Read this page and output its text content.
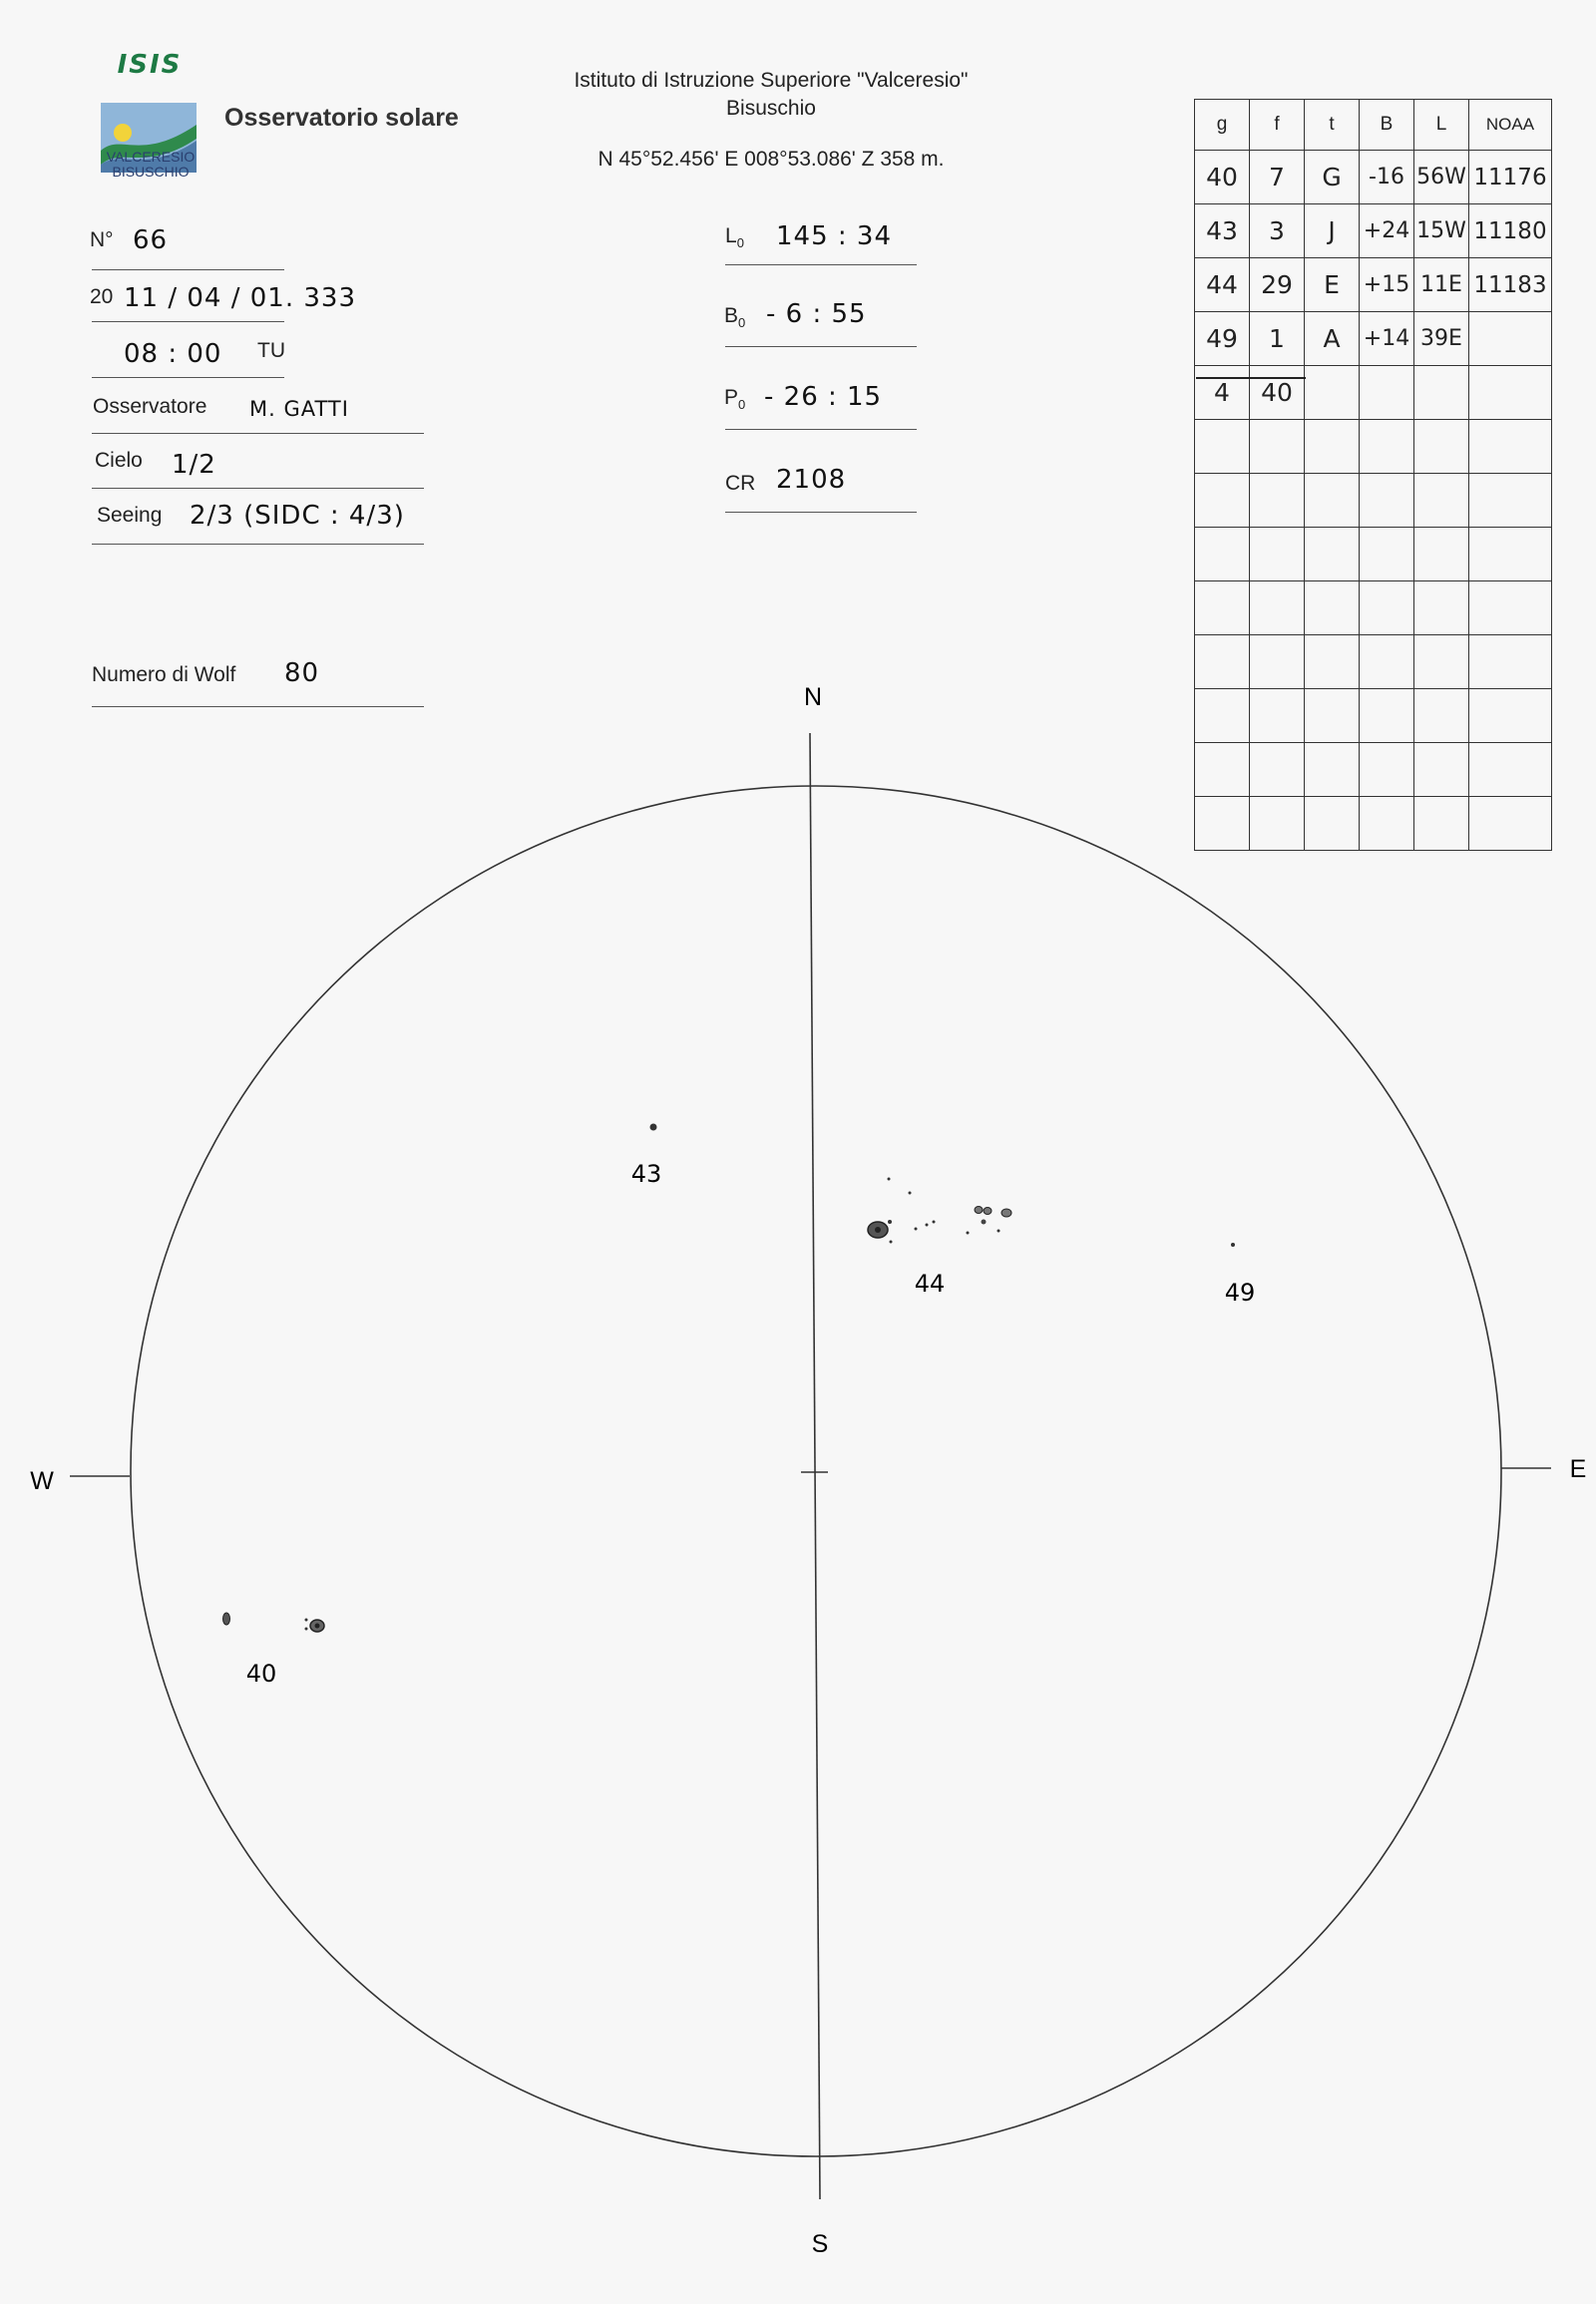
ISIS
VALCERESIO
BISUSCHIO
Osservatorio solare
Istituto di Istruzione Superiore "Valceresio"
Bisuschio
N 45°52.456' E 008°53.086' Z 358 m.
N° 66
20 11 / 04 / 01. 333
08 : 00 TU
Osservatore M. GATTI
Cielo 1/2
Seeing 2/3 (SIDC : 4/3)
Numero di Wolf 80
$L_0$ 145 : 34
$B_0 - 6$ : 55
$P_0 - 26$ : 15
CR 2108
g	f	t	B	L	NOAA
40	7	G	-16	56W	11176
43	3	J	+24	15W	11180
44	29	E	+15	11E	11183
49	1	A	+14	39E	
4	40				

N
S
W	E
43
44	49
40
